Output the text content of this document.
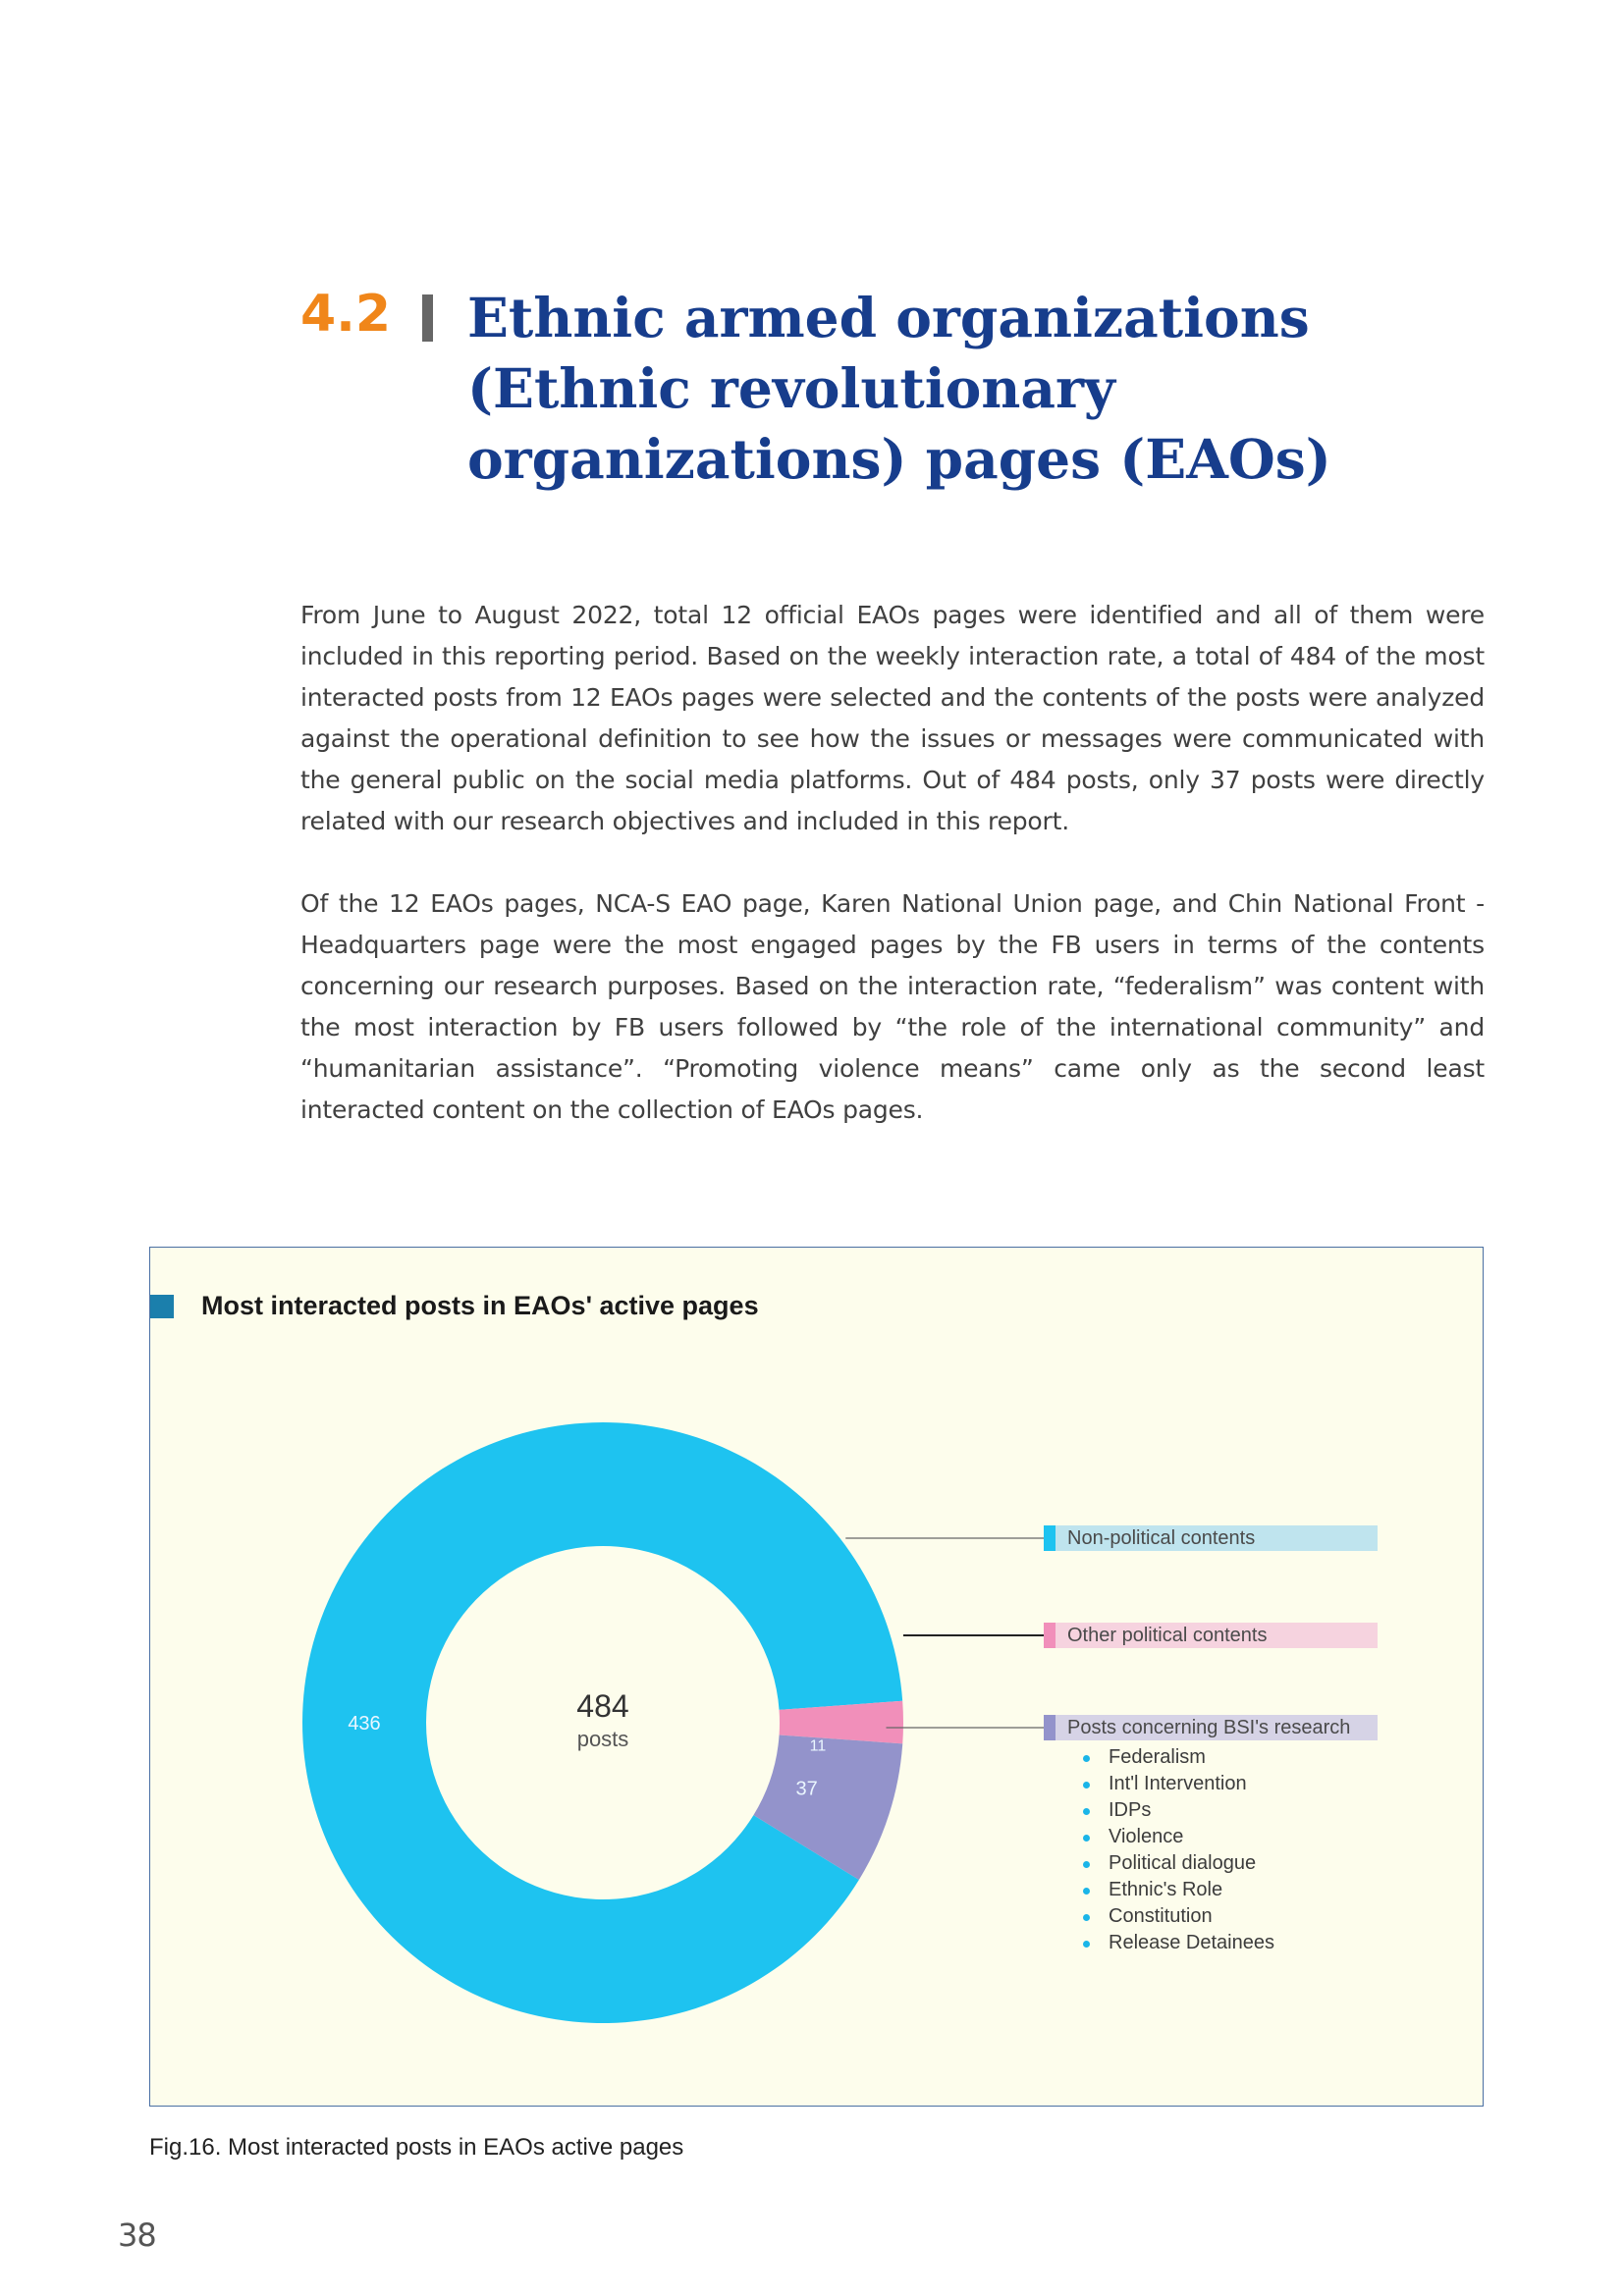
4.2 Ethnic armed organizations (Ethnic revolutionary organizations) pages (EAOs)

From June to August 2022, total 12 official EAOs pages were identified and all of them were included in this reporting period. Based on the weekly interaction rate, a total of 484 of the most interacted posts from 12 EAOs pages were selected and the contents of the posts were analyzed against the operational definition to see how the issues or messages were communicated with the general public on the social media platforms. Out of 484 posts, only 37 posts were directly related with our research objectives and included in this report.

Of the 12 EAOs pages, NCA-S EAO page, Karen National Union page, and Chin National Front - Headquarters page were the most engaged pages by the FB users in terms of the contents concerning our research purposes. Based on the interaction rate, “federalism” was content with the most interaction by FB users followed by “the role of the international community” and “humanitarian assistance”. “Promoting violence means” came only as the second least interacted content on the collection of EAOs pages.

Most interacted posts in EAOs' active pages
436
11
37
484
posts
Non-political contents
Other political contents
Posts concerning BSI's research
Federalism
Int'l Intervention
IDPs
Violence
Political dialogue
Ethnic's Role
Constitution
Release Detainees
Fig.16. Most interacted posts in EAOs active pages
38
